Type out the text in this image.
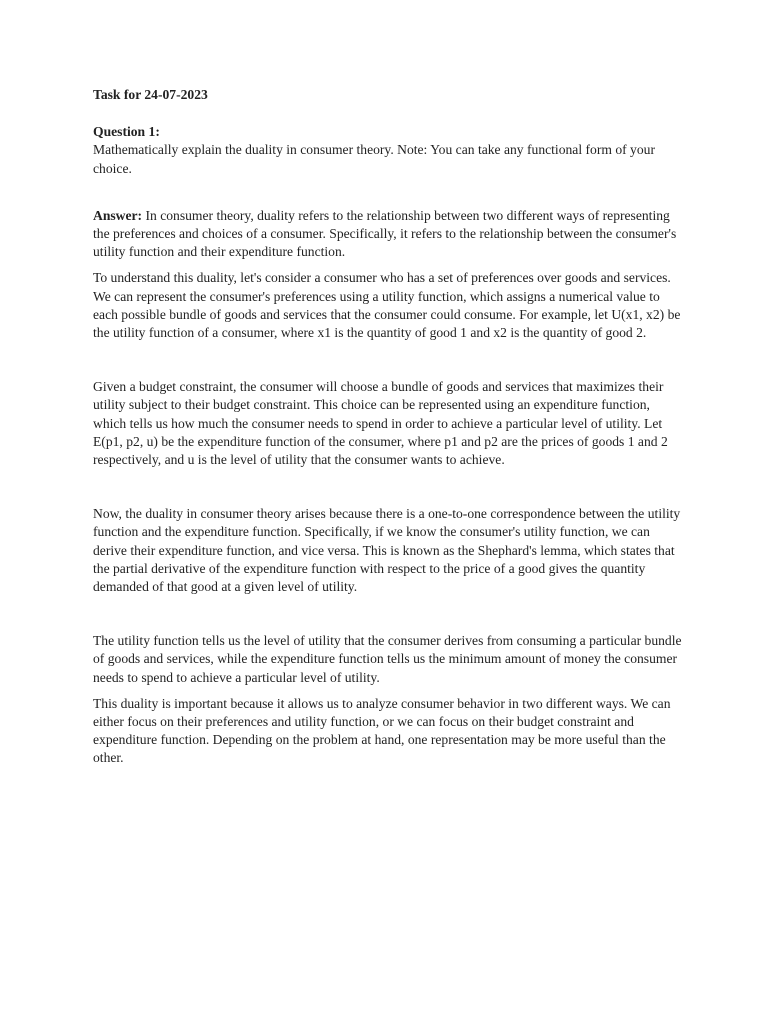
Task for 24-07-2023

Question 1:

Mathematically explain the duality in consumer theory. Note: You can take any functional form of your choice.

Answer: In consumer theory, duality refers to the relationship between two different ways of representing the preferences and choices of a consumer. Specifically, it refers to the relationship between the consumer's utility function and their expenditure function.

To understand this duality, let's consider a consumer who has a set of preferences over goods and services. We can represent the consumer's preferences using a utility function, which assigns a numerical value to each possible bundle of goods and services that the consumer could consume. For example, let U(x1, x2) be the utility function of a consumer, where x1 is the quantity of good 1 and x2 is the quantity of good 2.

Given a budget constraint, the consumer will choose a bundle of goods and services that maximizes their utility subject to their budget constraint. This choice can be represented using an expenditure function, which tells us how much the consumer needs to spend in order to achieve a particular level of utility. Let E(p1, p2, u) be the expenditure function of the consumer, where p1 and p2 are the prices of goods 1 and 2 respectively, and u is the level of utility that the consumer wants to achieve.

Now, the duality in consumer theory arises because there is a one-to-one correspondence between the utility function and the expenditure function. Specifically, if we know the consumer's utility function, we can derive their expenditure function, and vice versa. This is known as the Shephard's lemma, which states that the partial derivative of the expenditure function with respect to the price of a good gives the quantity demanded of that good at a given level of utility.

The utility function tells us the level of utility that the consumer derives from consuming a particular bundle of goods and services, while the expenditure function tells us the minimum amount of money the consumer needs to spend to achieve a particular level of utility.

This duality is important because it allows us to analyze consumer behavior in two different ways. We can either focus on their preferences and utility function, or we can focus on their budget constraint and expenditure function. Depending on the problem at hand, one representation may be more useful than the other.
